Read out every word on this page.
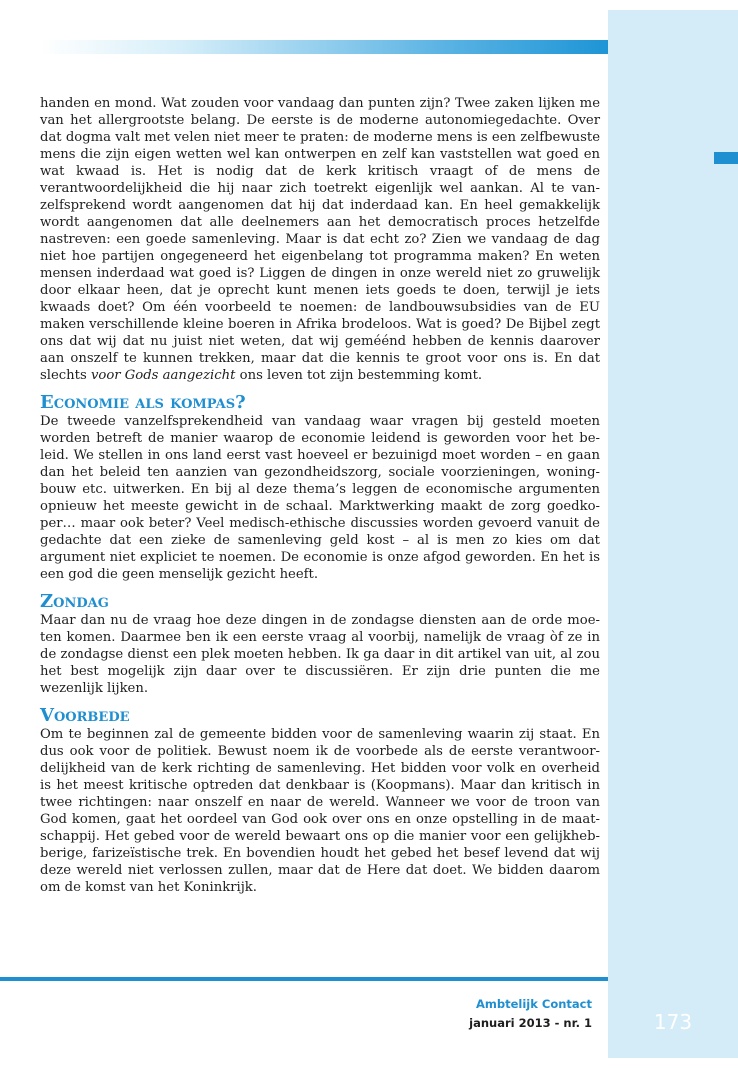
handen en mond. Wat zouden voor vandaag dan punten zijn? Twee zaken lijken me van het allergrootste belang. De eerste is de moderne autonomiegedachte. Over dat dogma valt met velen niet meer te praten: de moderne mens is een zelfbewuste mens die zijn eigen wetten wel kan ontwerpen en zelf kan vaststellen wat goed en wat kwaad is. Het is nodig dat de kerk kritisch vraagt of de mens de verantwoordelijkheid die hij naar zich toetrekt eigenlijk wel aankan. Al te vanzelfsprekend wordt aangenomen dat hij dat inderdaad kan. En heel gemakkelijk wordt aangenomen dat alle deelnemers aan het democratisch proces hetzelfde nastreven: een goede samenleving. Maar is dat echt zo? Zien we vandaag de dag niet hoe partijen ongegeneerd het eigenbelang tot programma maken? En weten mensen inderdaad wat goed is? Liggen de dingen in onze wereld niet zo gruwelijk door elkaar heen, dat je oprecht kunt menen iets goeds te doen, terwijl je iets kwaads doet? Om één voorbeeld te noemen: de landbouwsubsidies van de EU maken verschillende kleine boeren in Afrika brodeloos. Wat is goed? De Bijbel zegt ons dat wij dat nu juist niet weten, dat wij geméénd hebben de kennis daarover aan onszelf te kunnen trekken, maar dat die kennis te groot voor ons is. En dat slechts voor Gods aangezicht ons leven tot zijn bestemming komt.

Economie als kompas?

De tweede vanzelfsprekendheid van vandaag waar vragen bij gesteld moeten worden betreft de manier waarop de economie leidend is geworden voor het beleid. We stellen in ons land eerst vast hoeveel er bezuinigd moet worden – en gaan dan het beleid ten aanzien van gezondheidszorg, sociale voorzieningen, woningbouw etc. uitwerken. En bij al deze thema’s leggen de economische argumenten opnieuw het meeste gewicht in de schaal. Marktwerking maakt de zorg goedkoper… maar ook beter? Veel medisch-ethische discussies worden gevoerd vanuit de gedachte dat een zieke de samenleving geld kost – al is men zo kies om dat argument niet expliciet te noemen. De economie is onze afgod geworden. En het is een god die geen menselijk gezicht heeft.

Zondag

Maar dan nu de vraag hoe deze dingen in de zondagse diensten aan de orde moeten komen. Daarmee ben ik een eerste vraag al voorbij, namelijk de vraag òf ze in de zondagse dienst een plek moeten hebben. Ik ga daar in dit artikel van uit, al zou het best mogelijk zijn daar over te discussiëren. Er zijn drie punten die me wezenlijk lijken.

Voorbede

Om te beginnen zal de gemeente bidden voor de samenleving waarin zij staat. En dus ook voor de politiek. Bewust noem ik de voorbede als de eerste verantwoordelijkheid van de kerk richting de samenleving. Het bidden voor volk en overheid is het meest kritische optreden dat denkbaar is (Koopmans). Maar dan kritisch in twee richtingen: naar onszelf en naar de wereld. Wanneer we voor de troon van God komen, gaat het oordeel van God ook over ons en onze opstelling in de maatschappij. Het gebed voor de wereld bewaart ons op die manier voor een gelijkhebberige, farizeïstische trek. En bovendien houdt het gebed het besef levend dat wij deze wereld niet verlossen zullen, maar dat de Here dat doet. We bidden daarom om de komst van het Koninkrijk.

Ambtelijk Contact
januari 2013 - nr. 1	173
